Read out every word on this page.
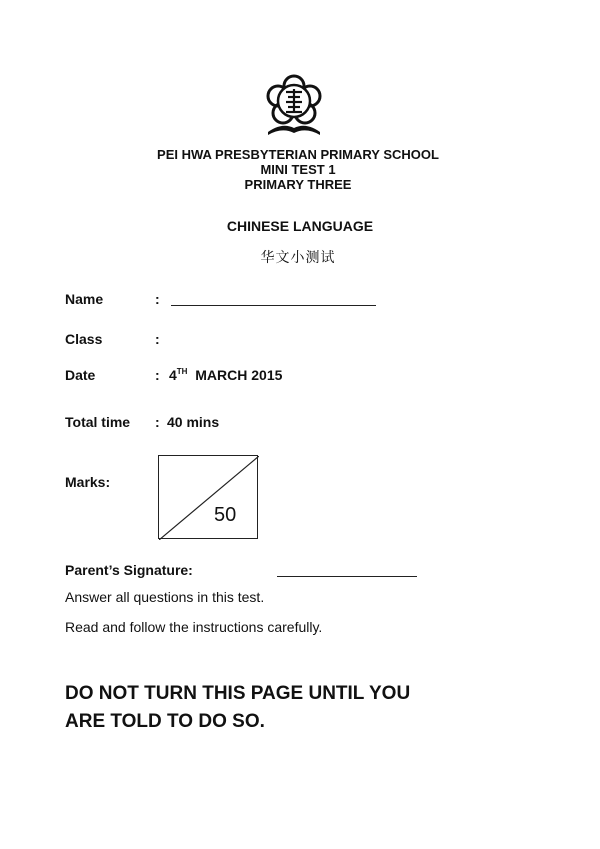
PEI HWA PRESBYTERIAN PRIMARY SCHOOL
MINI TEST 1
PRIMARY THREE
CHINESE LANGUAGE
华文小测试
Name	:
Class	:
Date	: 4TH MARCH 2015
Total time : 40 mins
Marks:
50
Parent’s Signature:
Answer all questions in this test.
Read and follow the instructions carefully.
DO NOT TURN THIS PAGE UNTIL YOU
ARE TOLD TO DO SO.
